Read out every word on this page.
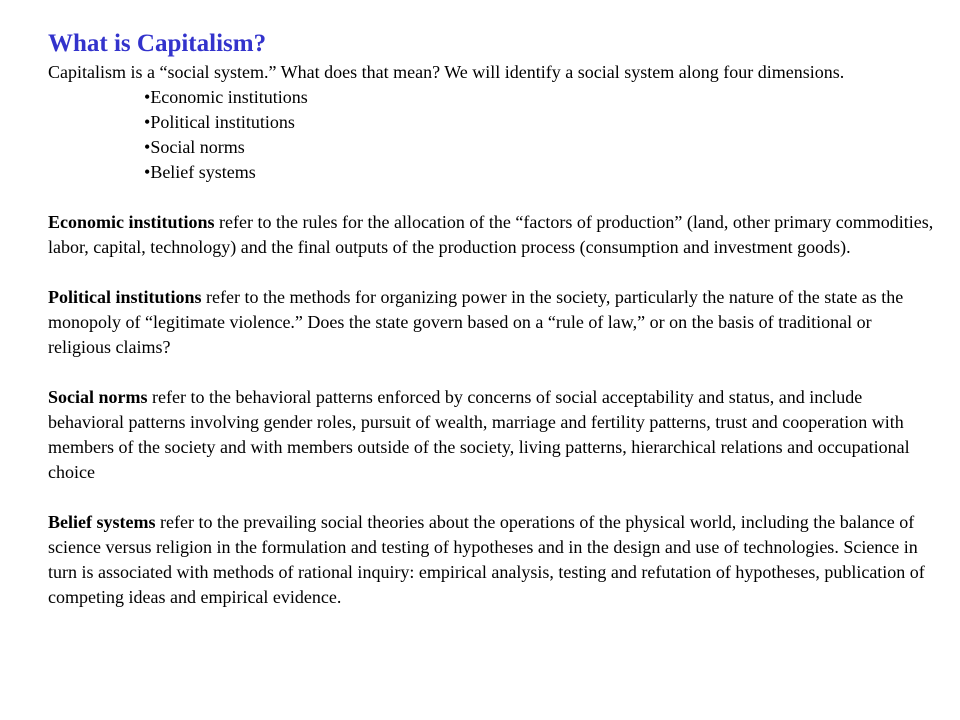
What is Capitalism?

Capitalism is a “social system.” What does that mean? We will identify a social system along four dimensions.

• Economic institutions
• Political institutions
• Social norms
• Belief systems

Economic institutions refer to the rules for the allocation of the “factors of production” (land, other primary commodities, labor, capital, technology) and the final outputs of the production process (consumption and investment goods).

Political institutions refer to the methods for organizing power in the society, particularly the nature of the state as the monopoly of “legitimate violence.” Does the state govern based on a “rule of law,” or on the basis of traditional or religious claims?

Social norms refer to the behavioral patterns enforced by concerns of social acceptability and status, and include behavioral patterns involving gender roles, pursuit of wealth, marriage and fertility patterns, trust and cooperation with members of the society and with members outside of the society, living patterns, hierarchical relations and occupational choice

Belief systems refer to the prevailing social theories about the operations of the physical world, including the balance of science versus religion in the formulation and testing of hypotheses and in the design and use of technologies. Science in turn is associated with methods of rational inquiry: empirical analysis, testing and refutation of hypotheses, publication of competing ideas and empirical evidence.
